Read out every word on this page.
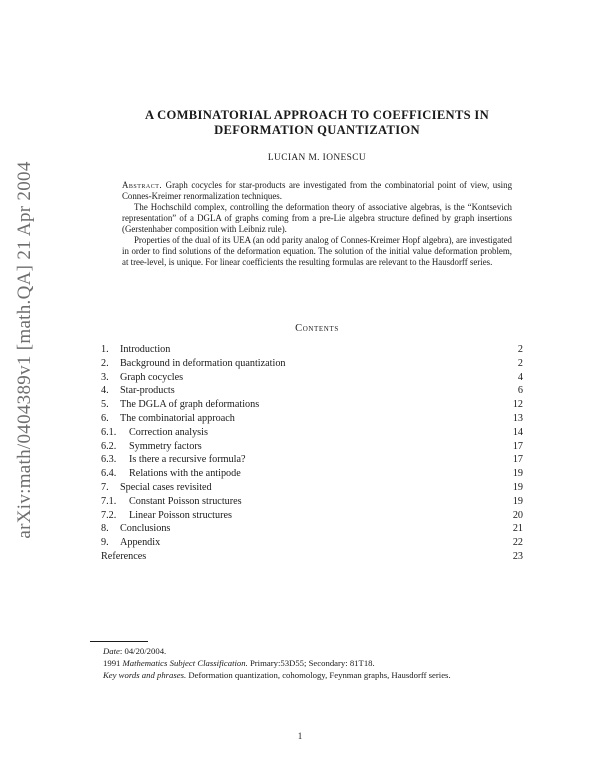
arXiv:math/0404389v1 [math.QA] 21 Apr 2004
A COMBINATORIAL APPROACH TO COEFFICIENTS IN DEFORMATION QUANTIZATION
LUCIAN M. IONESCU

Abstract. Graph cocycles for star-products are investigated from the combinatorial point of view, using Connes-Kreimer renormalization techniques.

The Hochschild complex, controlling the deformation theory of associative algebras, is the “Kontsevich representation” of a DGLA of graphs coming from a pre-Lie algebra structure defined by graph insertions (Gerstenhaber composition with Leibniz rule).

Properties of the dual of its UEA (an odd parity analog of Connes-Kreimer Hopf algebra), are investigated in order to find solutions of the deformation equation. The solution of the initial value deformation problem, at tree-level, is unique. For linear coefficients the resulting formulas are relevant to the Hausdorff series.

Contents
1. Introduction	2
2. Background in deformation quantization	2
3. Graph cocycles	4
4. Star-products	6
5. The DGLA of graph deformations	12
6. The combinatorial approach	13
6.1. Correction analysis	14
6.2. Symmetry factors	17
6.3. Is there a recursive formula?	17
6.4. Relations with the antipode	19
7. Special cases revisited	19
7.1. Constant Poisson structures	19
7.2. Linear Poisson structures	20
8. Conclusions	21
9. Appendix	22
References	23
Date: 04/20/2004.
1991 Mathematics Subject Classification. Primary:53D55; Secondary: 81T18.
Key words and phrases. Deformation quantization, cohomology, Feynman graphs, Hausdorff series.
1
